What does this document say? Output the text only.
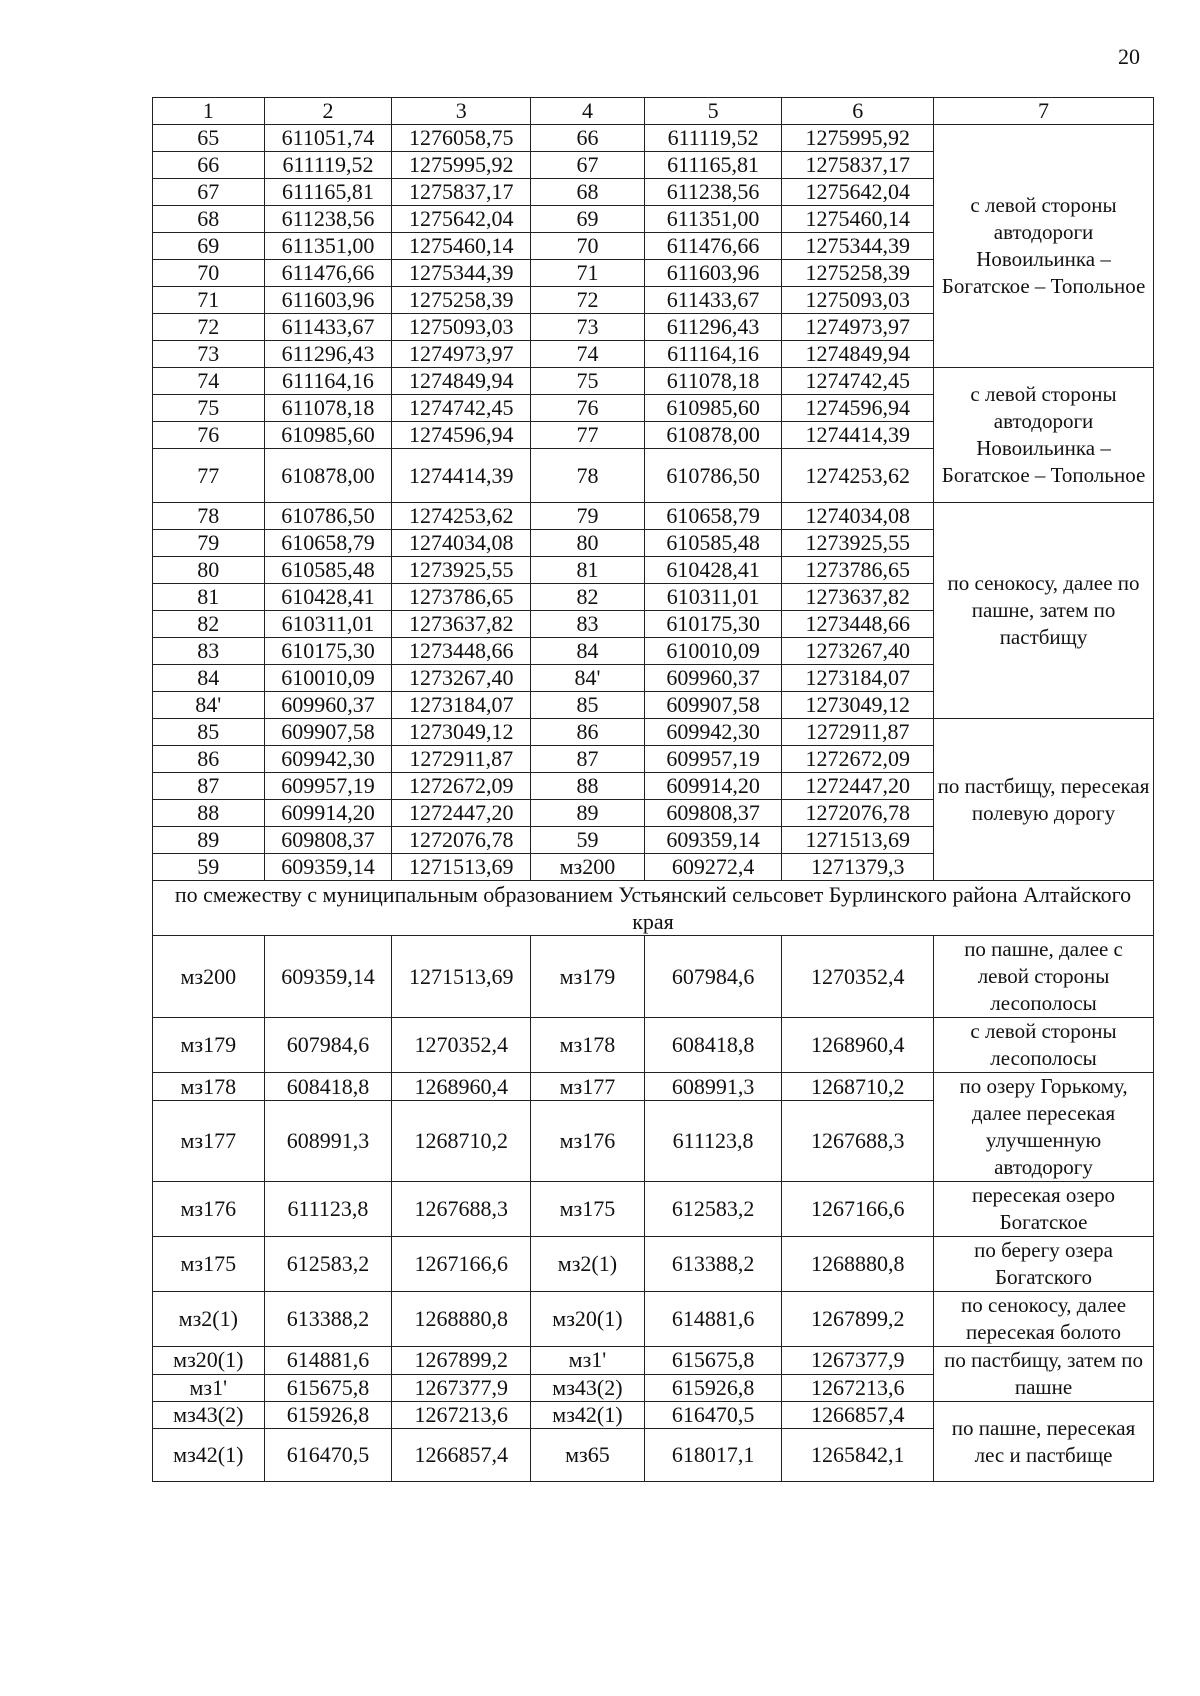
20
1	2	3	4	5	6	7
65	611051,74	1276058,75	66	611119,52	1275995,92	с левой стороны автодороги Новоильинка – Богатское – Топольное
66	611119,52	1275995,92	67	611165,81	1275837,17	
67	611165,81	1275837,17	68	611238,56	1275642,04	
68	611238,56	1275642,04	69	611351,00	1275460,14	
69	611351,00	1275460,14	70	611476,66	1275344,39	
70	611476,66	1275344,39	71	611603,96	1275258,39	
71	611603,96	1275258,39	72	611433,67	1275093,03	
72	611433,67	1275093,03	73	611296,43	1274973,97	
73	611296,43	1274973,97	74	611164,16	1274849,94	
74	611164,16	1274849,94	75	611078,18	1274742,45	с левой стороны автодороги Новоильинка – Богатское – Топольное
75	611078,18	1274742,45	76	610985,60	1274596,94	
76	610985,60	1274596,94	77	610878,00	1274414,39	
77	610878,00	1274414,39	78	610786,50	1274253,62	
78	610786,50	1274253,62	79	610658,79	1274034,08	по сенокосу, далее по пашне, затем по пастбищу
79	610658,79	1274034,08	80	610585,48	1273925,55	
80	610585,48	1273925,55	81	610428,41	1273786,65	
81	610428,41	1273786,65	82	610311,01	1273637,82	
82	610311,01	1273637,82	83	610175,30	1273448,66	
83	610175,30	1273448,66	84	610010,09	1273267,40	
84	610010,09	1273267,40	84'	609960,37	1273184,07	
84'	609960,37	1273184,07	85	609907,58	1273049,12	
85	609907,58	1273049,12	86	609942,30	1272911,87	по пастбищу, пересекая полевую дорогу
86	609942,30	1272911,87	87	609957,19	1272672,09	
87	609957,19	1272672,09	88	609914,20	1272447,20	
88	609914,20	1272447,20	89	609808,37	1272076,78	
89	609808,37	1272076,78	59	609359,14	1271513,69	
59	609359,14	1271513,69	мз200	609272,4	1271379,3	
по смежеству с муниципальным образованием Устьянский сельсовет Бурлинского района Алтайского края						
мз200	609359,14	1271513,69	мз179	607984,6	1270352,4	по пашне, далее с левой стороны лесополосы
мз179	607984,6	1270352,4	мз178	608418,8	1268960,4	с левой стороны лесополосы
мз178	608418,8	1268960,4	мз177	608991,3	1268710,2	по озеру Горькому, далее пересекая улучшенную автодорогу
мз177	608991,3	1268710,2	мз176	611123,8	1267688,3	
мз176	611123,8	1267688,3	мз175	612583,2	1267166,6	пересекая озеро Богатское
мз175	612583,2	1267166,6	мз2(1)	613388,2	1268880,8	по берегу озера Богатского
мз2(1)	613388,2	1268880,8	мз20(1)	614881,6	1267899,2	по сенокосу, далее пересекая болото
мз20(1)	614881,6	1267899,2	мз1'	615675,8	1267377,9	по пастбищу, затем по пашне
мз1'	615675,8	1267377,9	мз43(2)	615926,8	1267213,6	
мз43(2)	615926,8	1267213,6	мз42(1)	616470,5	1266857,4	по пашне, пересекая лес и пастбище
мз42(1)	616470,5	1266857,4	мз65	618017,1	1265842,1	
